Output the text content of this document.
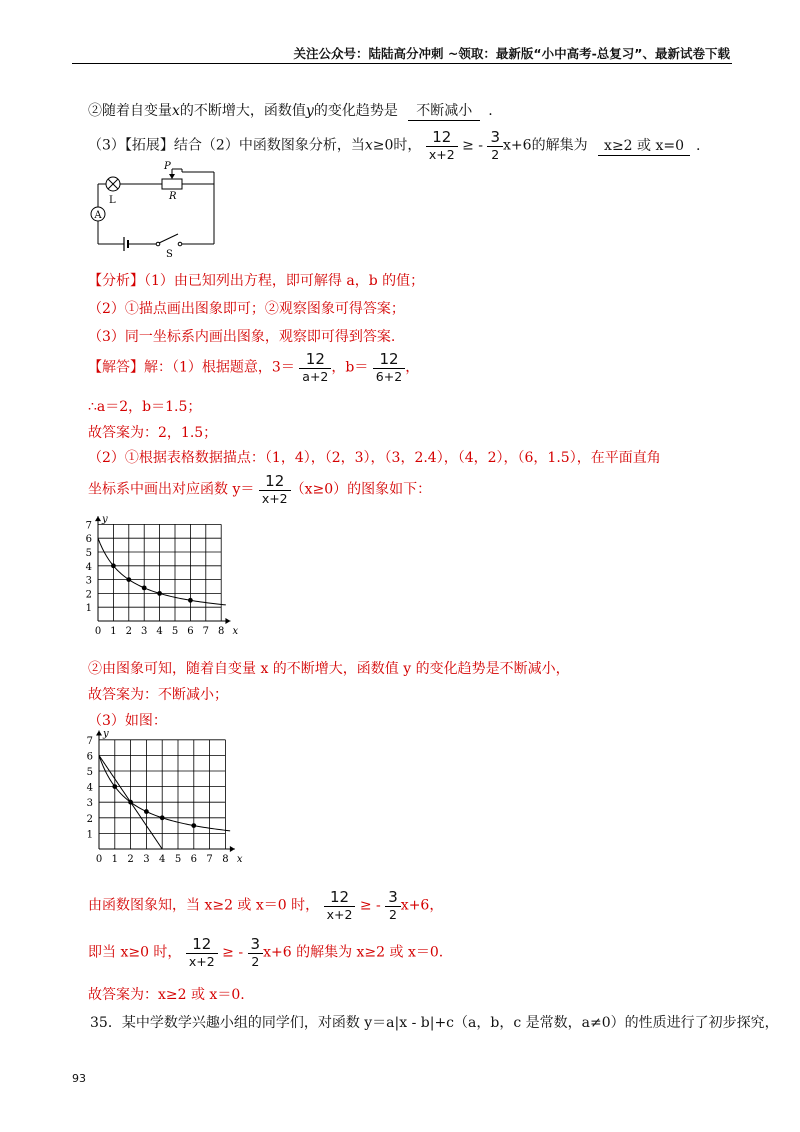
关注公众号：陆陆高分冲刺 ~领取：最新版“小中高考-总复习”、最新试卷下载
②随着自变量x的不断增大，函数值y的变化趋势是 不断减小 .
（3）【拓展】结合（2）中函数图象分析，当x≥0时， $\frac{12}{x+2}$ ≥ - $\frac{3}{2} x+6$的解集为 x≥2 或 x=0 .
A
P
L	R
S
【分析】（1）由已知列出方程，即可解得 a，b 的值；
（2）①描点画出图象即可；②观察图象可得答案；
（3）同一坐标系内画出图象，观察即可得到答案.
【解答】解：（1）根据题意，$3= \frac{12}{a+2}$ ，$b= \frac{12}{6+2}$ ，
∴a＝2，b＝1.5；
故答案为：2，1.5；
（2）①根据表格数据描点：（1，4），（2，3），（3，2.4），（4，2），（6，1.5），在平面直角
坐标系中画出对应函数 $y= \frac{12}{x+2} (x\ge 0)$的图象如下：
0 1 2 3 4 5 6 7 8
1
2
3
4
5
6
7
x
y
②由图象可知，随着自变量 x 的不断增大，函数值 y 的变化趋势是不断减小，
故答案为：不断减小；
（3）如图：
0 1 2 3 4 5 6 7 8
1
2
3
4
5
6
7
x
y
由函数图象知，当 x≥2 或 x＝0 时， $\frac{12}{x+2}$ ≥ - $\frac{3}{2} x+6$，
即当 x≥0 时， $\frac{12}{x+2}$ ≥ - $\frac{3}{2} x+6$ 的解集为 x≥2 或 x＝0.
故答案为：x≥2 或 x＝0.
35．某中学数学兴趣小组的同学们，对函数 y＝a|x - b|+c（a，b，c 是常数，a≠0）的性质进行了初步探究，
93
